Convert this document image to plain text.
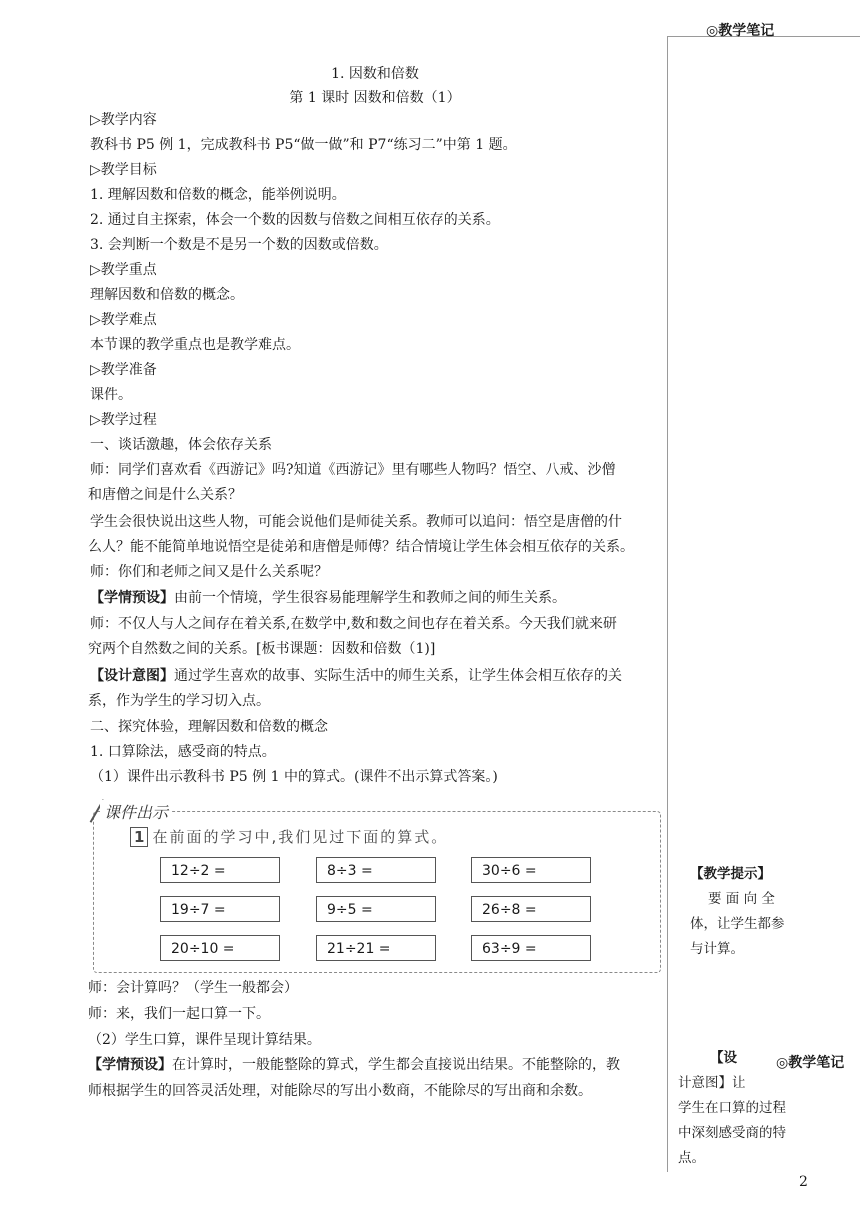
◎教学笔记
1. 因数和倍数
第 1 课时 因数和倍数（1）
▷教学内容
教科书 P5 例 1，完成教科书 P5“做一做”和 P7“练习二”中第 1 题。
▷教学目标
1. 理解因数和倍数的概念，能举例说明。
2. 通过自主探索，体会一个数的因数与倍数之间相互依存的关系。
3. 会判断一个数是不是另一个数的因数或倍数。
▷教学重点
理解因数和倍数的概念。
▷教学难点
本节课的教学重点也是教学难点。
▷教学准备
课件。
▷教学过程
一、谈话激趣，体会依存关系
师：同学们喜欢看《西游记》吗?知道《西游记》里有哪些人物吗？悟空、八戒、沙僧
和唐僧之间是什么关系？
学生会很快说出这些人物，可能会说他们是师徒关系。教师可以追问：悟空是唐僧的什
么人？能不能简单地说悟空是徒弟和唐僧是师傅？结合情境让学生体会相互依存的关系。
师：你们和老师之间又是什么关系呢？
【学情预设】由前一个情境，学生很容易能理解学生和教师之间的师生关系。
师：不仅人与人之间存在着关系,在数学中,数和数之间也存在着关系。今天我们就来研
究两个自然数之间的关系。[板书课题：因数和倍数（1)]
【设计意图】通过学生喜欢的故事、实际生活中的师生关系，让学生体会相互依存的关
系，作为学生的学习切入点。
二、探究体验，理解因数和倍数的概念
1. 口算除法，感受商的特点。
（1）课件出示教科书 P5 例 1 中的算式。(课件不出示算式答案。)
课件出示
1 在前面的学习中,我们见过下面的算式。
12÷2 =	8÷3 =	30÷6 =
19÷7 =	9÷5 =	26÷8 =
20÷10 =	21÷21 =	63÷9 =
师：会计算吗？（学生一般都会）
师：来，我们一起口算一下。
（2）学生口算，课件呈现计算结果。
【学情预设】在计算时，一般能整除的算式，学生都会直接说出结果。不能整除的，教
师根据学生的回答灵活处理，对能除尽的写出小数商，不能除尽的写出商和余数。
【教学提示】
要 面 向 全
体，让学生都参
与计算。
【设	◎教学笔记
计意图】让
学生在口算的过程
中深刻感受商的特
点。
2
